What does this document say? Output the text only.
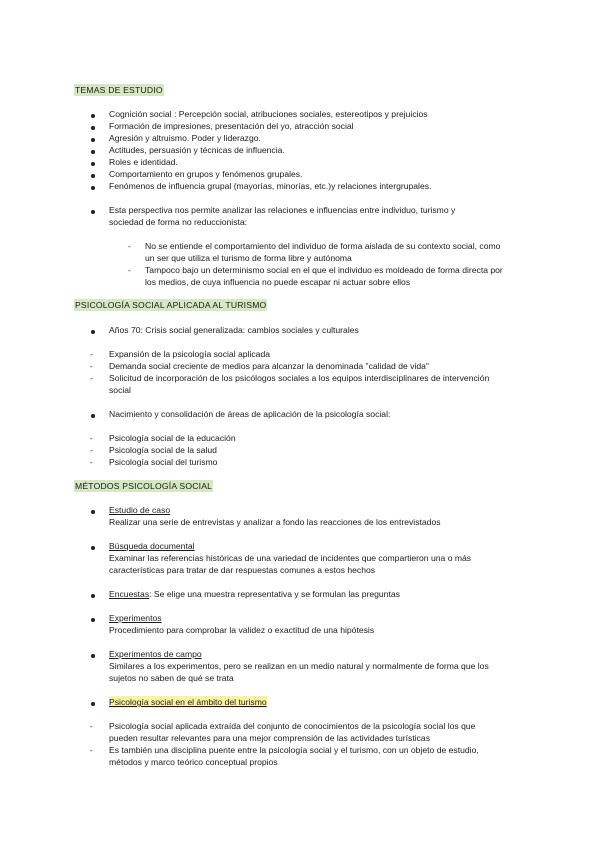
TEMAS DE ESTUDIO
Cognición social : Percepción social, atribuciones sociales, estereotipos y prejuicios
Formación de impresiones, presentación del yo, atracción social
Agresión y altruismo. Poder y liderazgo.
Actitudes, persuasión y técnicas de influencia.
Roles e identidad.
Comportamiento en grupos y fenómenos grupales.
Fenómenos de influencia grupal (mayorías, minorías, etc.)y relaciones intergrupales.
Esta perspectiva nos permite analizar las relaciones e influencias entre individuo, turismo y
sociedad de forma no reduccionista:
- No se entiende el comportamiento del individuo de forma aislada de su contexto social, como
un ser que utiliza el turismo de forma libre y autónoma
- Tampoco bajo un determinismo social en el que el individuo es moldeado de forma directa por
los medios, de cuya influencia no puede escapar ni actuar sobre ellos
PSICOLOGÍA SOCIAL APLICADA AL TURISMO
Años 70: Crisis social generalizada: cambios sociales y culturales
- Expansión de la psicología social aplicada
- Demanda social creciente de medios para alcanzar la denominada "calidad de vida"
- Solicitud de incorporación de los psicólogos sociales a los equipos interdisciplinares de intervención
social
Nacimiento y consolidación de áreas de aplicación de la psicología social:
- Psicología social de la educación
- Psicología social de la salud
- Psicología social del turismo
MÉTODOS PSICOLOGÍA SOCIAL
Estudio de caso
Realizar una serie de entrevistas y analizar a fondo las reacciones de los entrevistados
Búsqueda documental
Examinar las referencias históricas de una variedad de incidentes que compartieron una o más
características para tratar de dar respuestas comunes a estos hechos
Encuestas: Se elige una muestra representativa y se formulan las preguntas
Experimentos
Procedimiento para comprobar la validez o exactitud de una hipótesis
Experimentos de campo
Similares a los experimentos, pero se realizan en un medio natural y normalmente de forma que los
sujetos no saben de qué se trata
Psicología social en el ámbito del turismo
- Psicología social aplicada extraída del conjunto de conocimientos de la psicología social los que
pueden resultar relevantes para una mejor comprensión de las actividades turísticas
- Es también una disciplina puente entre la psicología social y el turismo, con un objeto de estudio,
métodos y marco teórico conceptual propios
